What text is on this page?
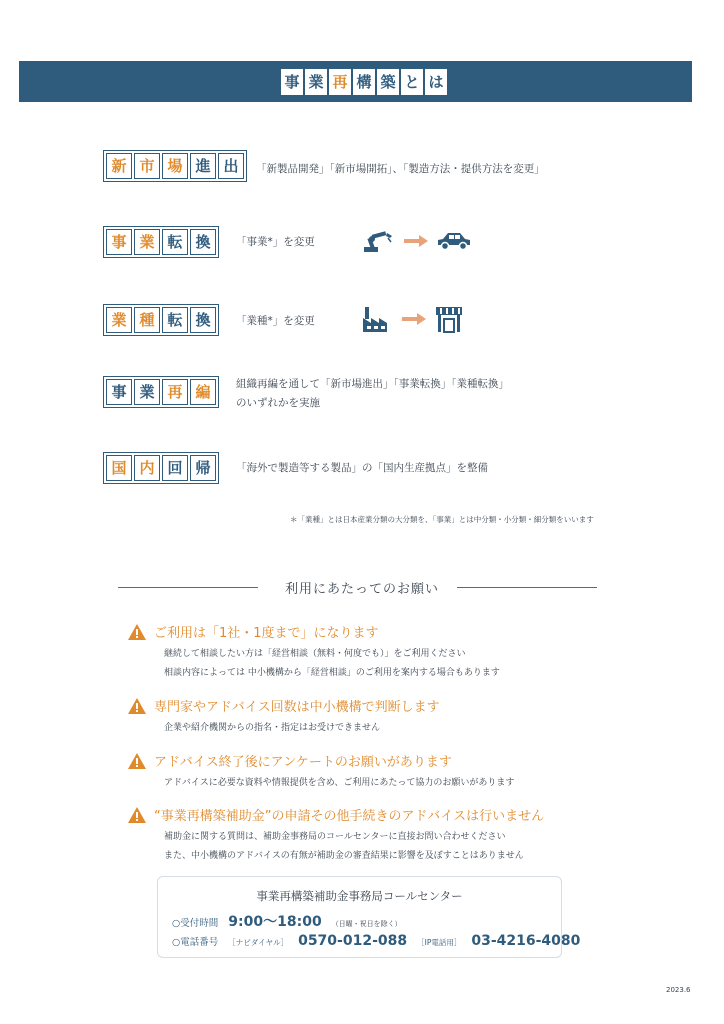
事 業 再 構 築 と は
新 市 場 進 出	「新製品開発」「新市場開拓」、「製造方法・提供方法を変更」
事 業 転 換	「事業*」を変更
業 種 転 換	「業種*」を変更
事 業 再 編	組織再編を通して「新市場進出」「事業転換」「業種転換」
のいずれかを実施
国 内 回 帰	「海外で製造等する製品」の「国内生産拠点」を整備
＊「業種」とは日本産業分類の大分類を、「事業」とは中分類・小分類・細分類をいいます
利用にあたってのお願い
ご利用は「1社・1度まで」になります
継続して相談したい方は「経営相談（無料・何度でも）」をご利用ください
相談内容によっては 中小機構から「経営相談」のご利用を案内する場合もあります
専門家やアドバイス回数は中小機構で判断します
企業や紹介機関からの指名・指定はお受けできません
アドバイス終了後にアンケートのお願いがあります
アドバイスに必要な資料や情報提供を含め、ご利用にあたって協力のお願いがあります
“事業再構築補助金”の申請その他手続きのアドバイスは行いません
補助金に関する質問は、補助金事務局のコールセンターに直接お問い合わせください
また、中小機構のアドバイスの有無が補助金の審査結果に影響を及ぼすことはありません
事業再構築補助金事務局コールセンター
○受付時間 9:00～18:00 （日曜・祝日を除く）
○電話番号 ［ナビダイヤル］ 0570-012-088 ［IP電話用］ 03-4216-4080
2023.6
